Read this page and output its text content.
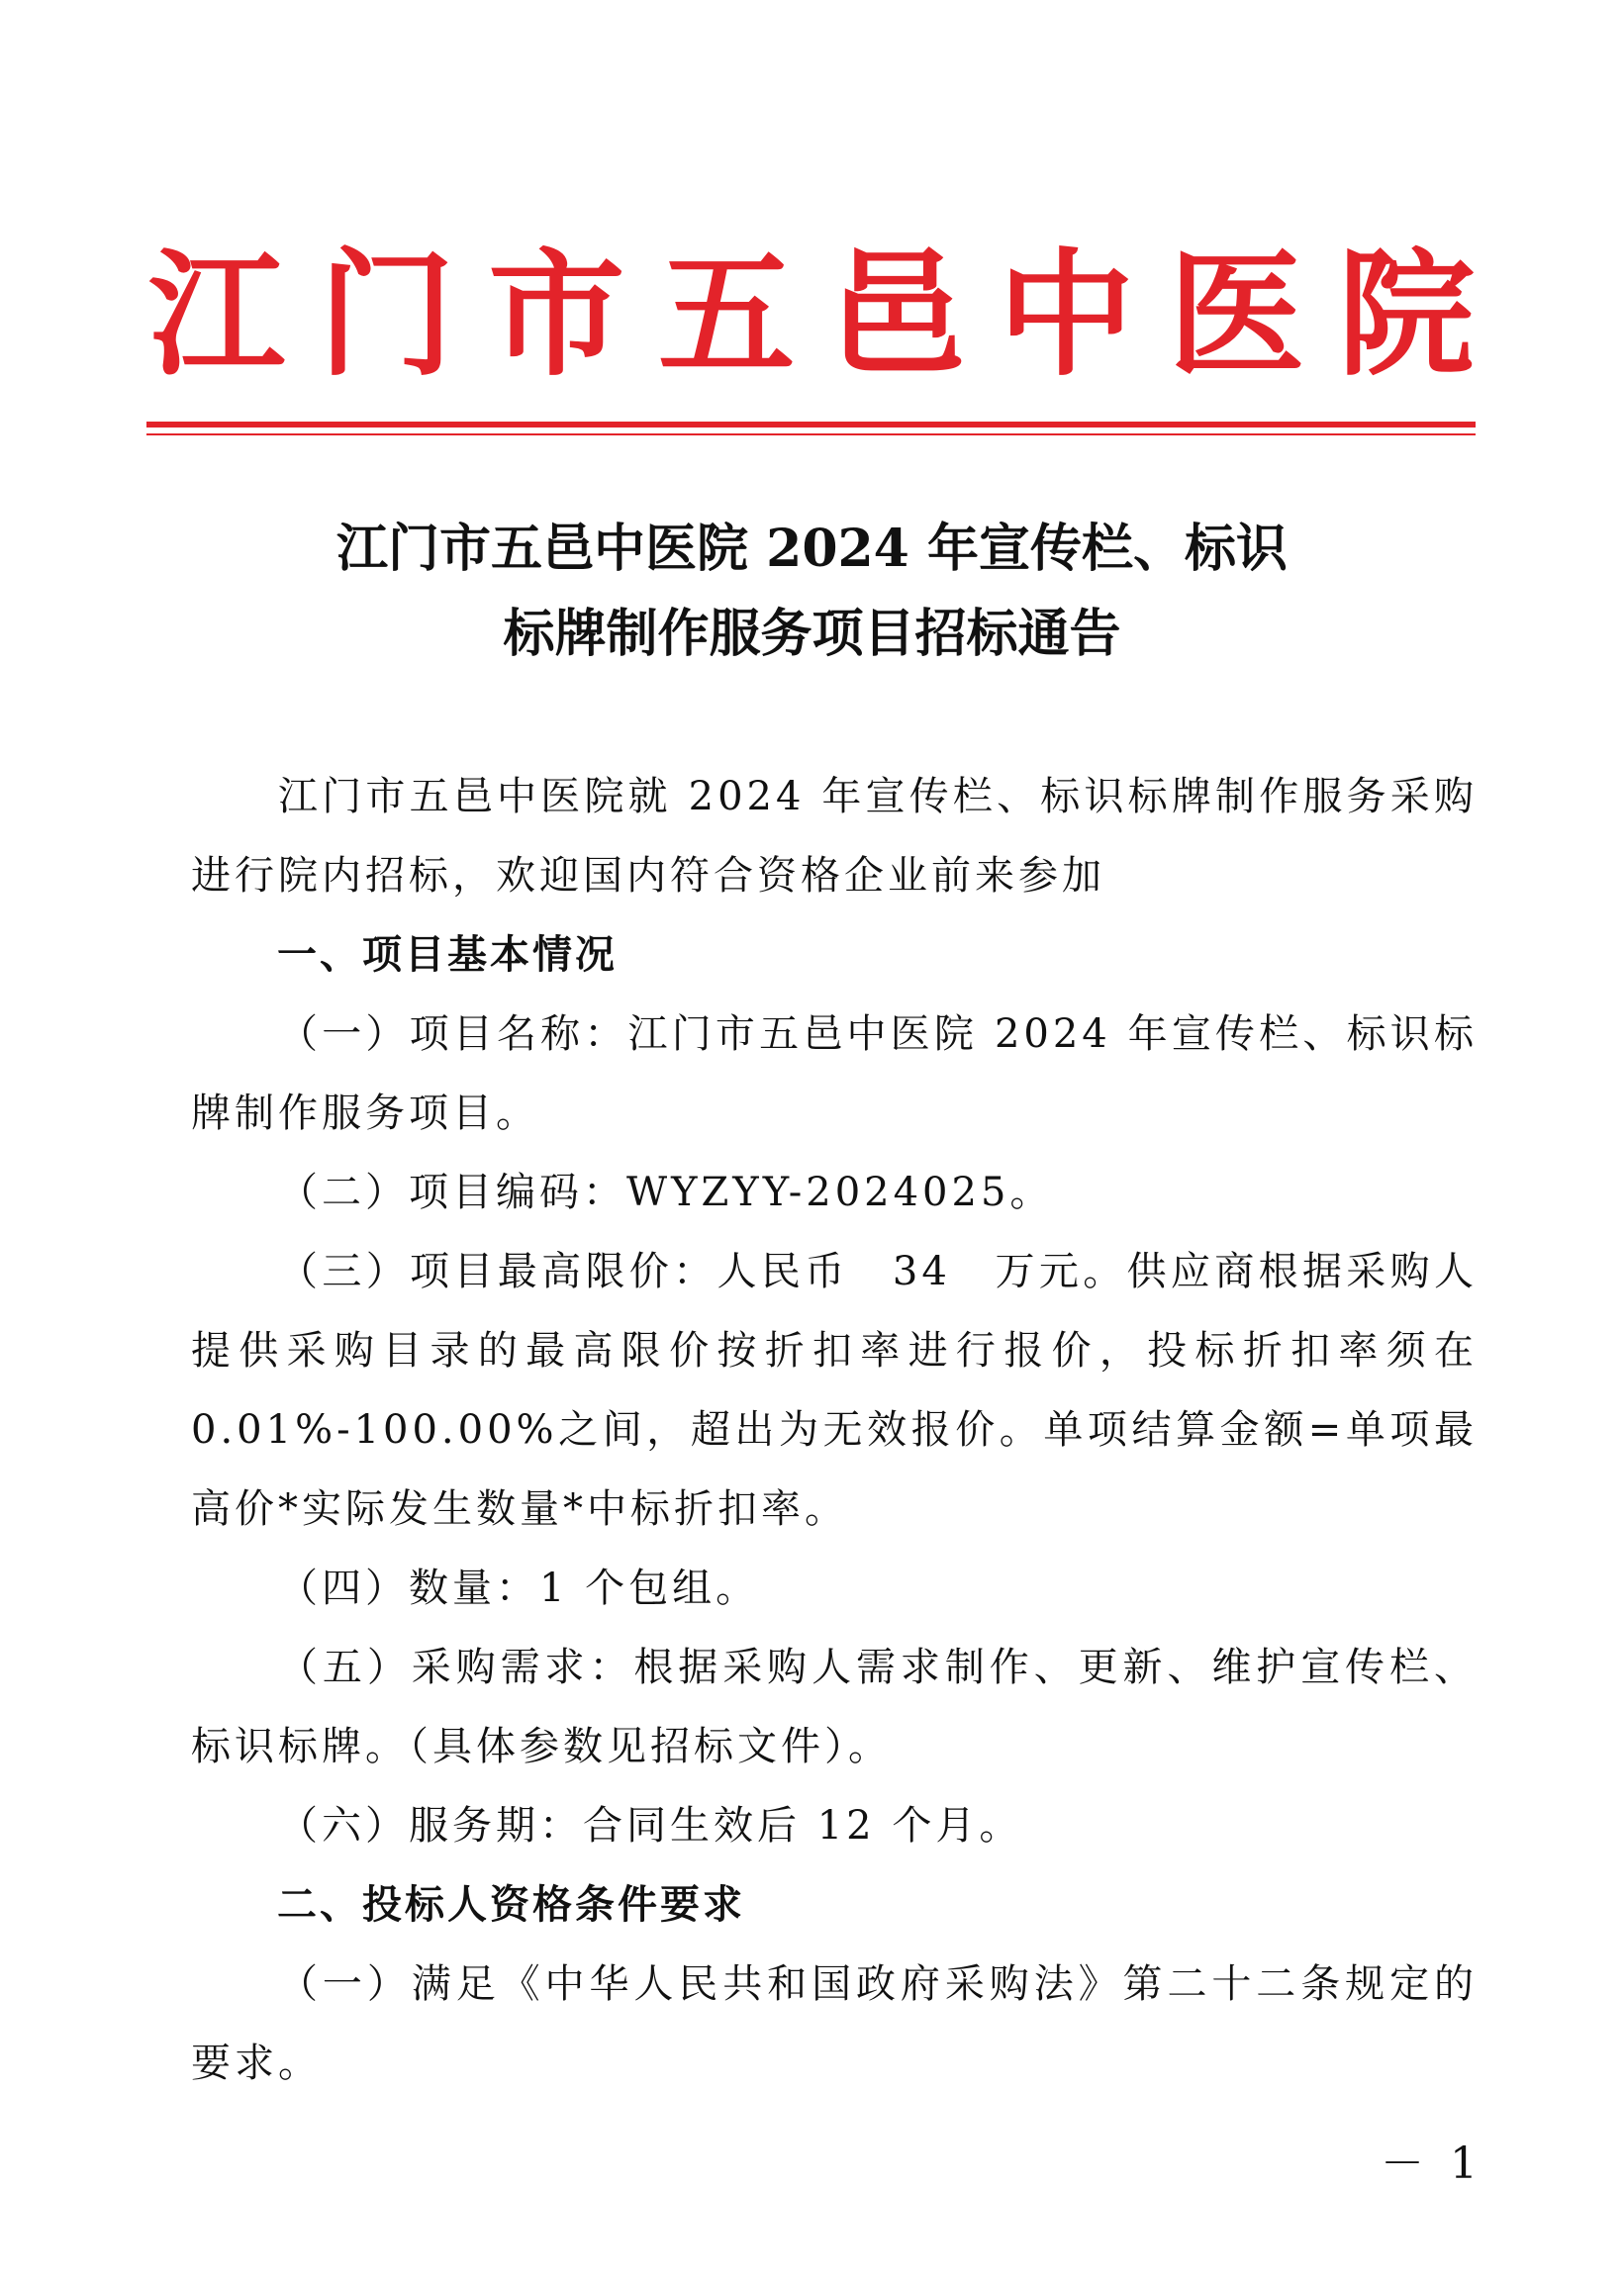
江 门 市 五 邑 中 医 院
江门市五邑中医院 2024 年宣传栏、标识
标牌制作服务项目招标通告

江门市五邑中医院就 2024 年宣传栏、标识标牌制作服务采购进行院内招标，欢迎国内符合资格企业前来参加

一、项目基本情况

（一）项目名称：江门市五邑中医院 2024 年宣传栏、标识标牌制作服务项目。

（二）项目编码：WYZYY-2024025。

（三）项目最高限价：人民币　34　万元。供应商根据采购人提供采购目录的最高限价按折扣率进行报价，投标折扣率须在 0.01%-100.00%之间，超出为无效报价。单项结算金额=单项最高价*实际发生数量*中标折扣率。

（四）数量：1 个包组。

（五）采购需求：根据采购人需求制作、更新、维护宣传栏、标识标牌。（具体参数见招标文件）。

（六）服务期：合同生效后 12 个月。

二、投标人资格条件要求

（一）满足《中华人民共和国政府采购法》第二十二条规定的要求。

－ 1
